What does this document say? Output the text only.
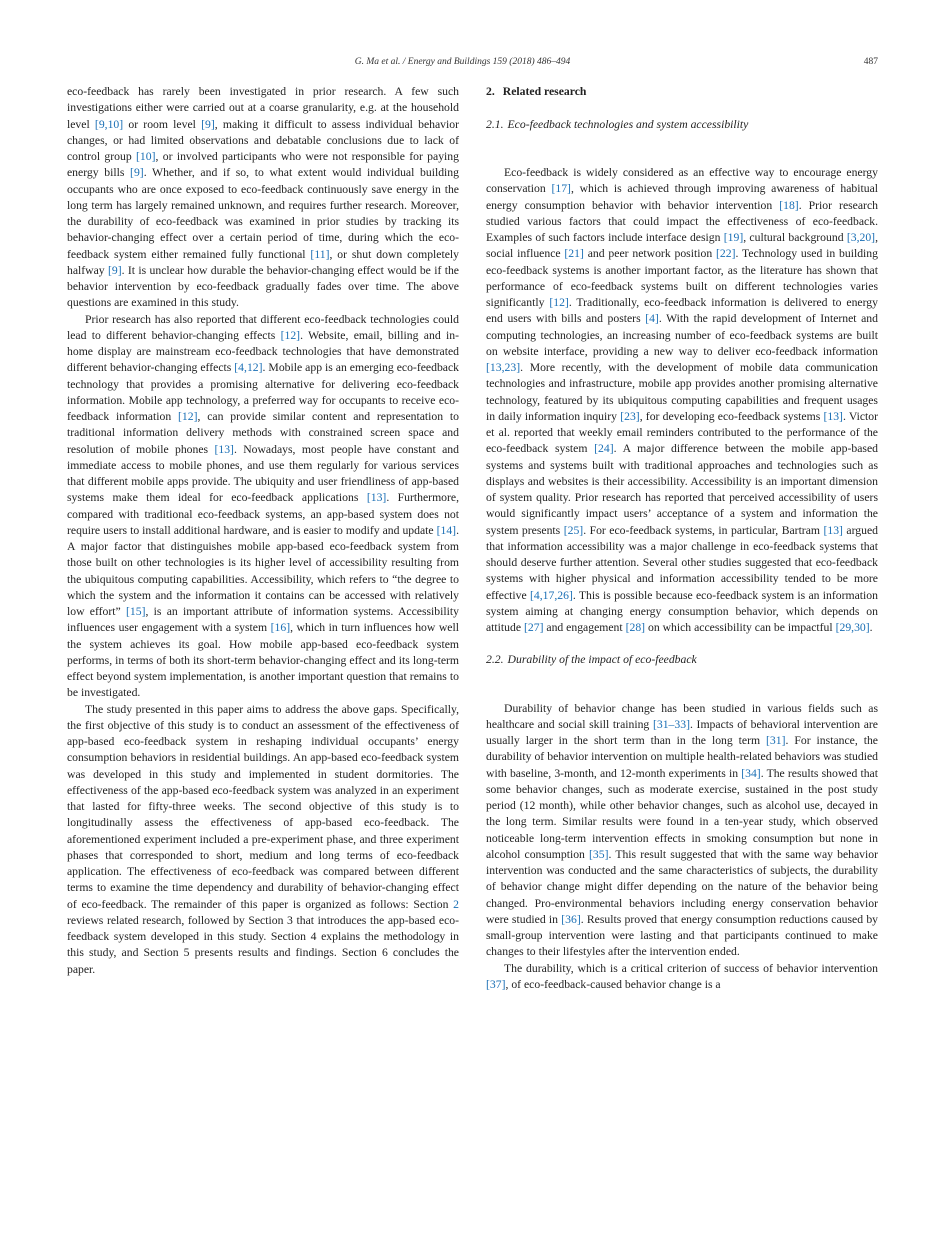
G. Ma et al. / Energy and Buildings 159 (2018) 486–494	487

eco-feedback has rarely been investigated in prior research. A few such investigations either were carried out at a coarse granularity, e.g. at the household level [9,10] or room level [9], making it difficult to assess individual behavior changes, or had limited observations and debatable conclusions due to lack of control group [10], or involved participants who were not responsible for paying energy bills [9]. Whether, and if so, to what extent would individual building occupants who are once exposed to eco-feedback continuously save energy in the long term has largely remained unknown, and requires further research. Moreover, the durability of eco-feedback was examined in prior studies by tracking its behavior-changing effect over a certain period of time, during which the eco-feedback system either remained fully functional [11], or shut down completely halfway [9]. It is unclear how durable the behavior-changing effect would be if the behavior intervention by eco-feedback gradually fades over time. The above questions are examined in this study.

Prior research has also reported that different eco-feedback technologies could lead to different behavior-changing effects [12]. Website, email, billing and in-home display are mainstream eco-feedback technologies that have demonstrated different behavior-changing effects [4,12]. Mobile app is an emerging eco-feedback technology that provides a promising alternative for delivering eco-feedback information. Mobile app technology, a preferred way for occupants to receive eco-feedback information [12], can provide similar content and representation to traditional information delivery methods with constrained screen space and resolution of mobile phones [13]. Nowadays, most people have constant and immediate access to mobile phones, and use them regularly for various services that different mobile apps provide. The ubiquity and user friendliness of app-based systems make them ideal for eco-feedback applications [13]. Furthermore, compared with traditional eco-feedback systems, an app-based system does not require users to install additional hardware, and is easier to modify and update [14]. A major factor that distinguishes mobile app-based eco-feedback system from those built on other technologies is its higher level of accessibility resulting from the ubiquitous computing capabilities. Accessibility, which refers to “the degree to which the system and the information it contains can be accessed with relatively low effort” [15], is an important attribute of information systems. Accessibility influences user engagement with a system [16], which in turn influences how well the system achieves its goal. How mobile app-based eco-feedback system performs, in terms of both its short-term behavior-changing effect and its long-term effect beyond system implementation, is another important question that remains to be investigated.

The study presented in this paper aims to address the above gaps. Specifically, the first objective of this study is to conduct an assessment of the effectiveness of app-based eco-feedback system in reshaping individual occupants’ energy consumption behaviors in residential buildings. An app-based eco-feedback system was developed in this study and implemented in student dormitories. The effectiveness of the app-based eco-feedback system was analyzed in an experiment that lasted for fifty-three weeks. The second objective of this study is to longitudinally assess the effectiveness of app-based eco-feedback. The aforementioned experiment included a pre-experiment phase, and three experiment phases that corresponded to short, medium and long terms of eco-feedback application. The effectiveness of eco-feedback was compared between different terms to examine the time dependency and durability of behavior-changing effect of eco-feedback. The remainder of this paper is organized as follows: Section 2 reviews related research, followed by Section 3 that introduces the app-based eco-feedback system developed in this study. Section 4 explains the methodology in this study, and Section 5 presents results and findings. Section 6 concludes the paper.

2. Related research
2.1. Eco-feedback technologies and system accessibility

Eco-feedback is widely considered as an effective way to encourage energy conservation [17], which is achieved through improving awareness of habitual energy consumption behavior with behavior intervention [18]. Prior research studied various factors that could impact the effectiveness of eco-feedback. Examples of such factors include interface design [19], cultural background [3,20], social influence [21] and peer network position [22]. Technology used in building eco-feedback systems is another important factor, as the literature has shown that performance of eco-feedback systems built on different technologies varies significantly [12]. Traditionally, eco-feedback information is delivered to energy end users with bills and posters [4]. With the rapid development of Internet and computing technologies, an increasing number of eco-feedback systems are built on website interface, providing a new way to deliver eco-feedback information [13,23]. More recently, with the development of mobile data communication technologies and infrastructure, mobile app provides another promising alternative technology, featured by its ubiquitous computing capabilities and frequent usages in daily information inquiry [23], for developing eco-feedback systems [13]. Victor et al. reported that weekly email reminders contributed to the performance of the eco-feedback system [24]. A major difference between the mobile app-based systems and systems built with traditional approaches and technologies such as displays and websites is their accessibility. Accessibility is an important dimension of system quality. Prior research has reported that perceived accessibility of users would significantly impact users’ acceptance of a system and information the system presents [25]. For eco-feedback systems, in particular, Bartram [13] argued that information accessibility was a major challenge in eco-feedback systems that should deserve further attention. Several other studies suggested that eco-feedback systems with higher physical and information accessibility tended to be more effective [4,17,26]. This is possible because eco-feedback system is an information system aiming at changing energy consumption behavior, which depends on attitude [27] and engagement [28] on which accessibility can be impactful [29,30].

2.2. Durability of the impact of eco-feedback

Durability of behavior change has been studied in various fields such as healthcare and social skill training [31–33]. Impacts of behavioral intervention are usually larger in the short term than in the long term [31]. For instance, the durability of behavior intervention on multiple health-related behaviors was studied with baseline, 3-month, and 12-month experiments in [34]. The results showed that some behavior changes, such as moderate exercise, sustained in the post study period (12 month), while other behavior changes, such as alcohol use, decayed in the long term. Similar results were found in a ten-year study, which observed noticeable long-term intervention effects in smoking consumption but none in alcohol consumption [35]. This result suggested that with the same way behavior intervention was conducted and the same characteristics of subjects, the durability of behavior change might differ depending on the nature of the behavior being changed. Pro-environmental behaviors including energy conservation behavior were studied in [36]. Results proved that energy consumption reductions caused by small-group intervention were lasting and that participants continued to make changes to their lifestyles after the intervention ended.

The durability, which is a critical criterion of success of behavior intervention [37], of eco-feedback-caused behavior change is a
